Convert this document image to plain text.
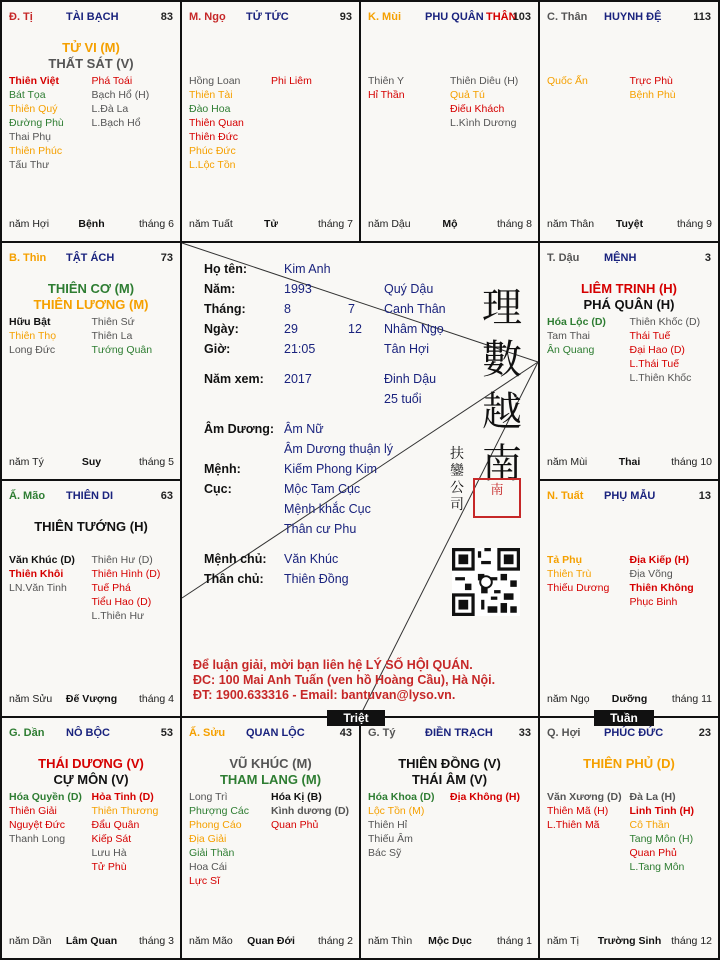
Đ. Tị	TÀI BẠCH	83
TỬ VI (M)
THẤT SÁT (V)
Thiên Việt
Bát Tọa
Thiên Quý
Đường Phù
Thai Phụ
Thiên Phúc
Tấu Thư
Phá Toái
Bạch Hổ (H)
L.Đà La
L.Bạch Hổ
năm Hợi	Bệnh	tháng 6
M. Ngọ TỬ TỨC	93
Hồng Loan
Thiên Tài
Đào Hoa
Thiên Quan
Thiên Đức
Phúc Đức
L.Lộc Tồn
Phi Liêm
năm Tuất	Tử	tháng 7
K. Mùi PHU QUÂN THÂN
103
Thiên Y
Hỉ Thần
Thiên Diêu (H)
Quả Tú
Điếu Khách
L.Kình Dương
năm Dậu	Mộ	tháng 8
C. Thân HUYNH ĐỆ	113
Quốc Ấn	Trực Phù
Bệnh Phù
năm Thân	Tuyệt	tháng 9
B. Thìn TẬT ÁCH	73
THIÊN CƠ (M)
THIÊN LƯƠNG (M)
Hữu Bật
Thiên Thọ
Long Đức
Thiên Sứ
Thiên La
Tướng Quân
năm Tý	Suy	tháng 5
T. Dậu MỆNH	3
LIÊM TRINH (H)
PHÁ QUÂN (H)
Hóa Lộc (D)
Tam Thai
Ân Quang
Thiên Khốc (D)
Thái Tuế
Đại Hao (D)
L.Thái Tuế
L.Thiên Khốc
năm Mùi	Thai	tháng 10
Ấ. Mão THIÊN DI	63
THIÊN TƯỚNG (H)
Văn Khúc (D)
Thiên Khôi
LN.Văn Tinh
Thiên Hư (D)
Thiên Hình (D)
Tuế Phá
Tiểu Hao (D)
L.Thiên Hư
năm Sửu	Đế Vượng	tháng 4
N. Tuất PHỤ MẪU	13
Tả Phụ
Thiên Trù
Thiếu Dương
Địa Kiếp (H)
Địa Võng
Thiên Không
Phục Binh
năm Ngọ	Dưỡng	tháng 11
G. Dần NÔ BỘC	53
THÁI DƯƠNG (V)
CỰ MÔN (V)
Hóa Quyền (D)
Thiên Giải
Nguyệt Đức
Thanh Long
Hỏa Tinh (D)
Thiên Thương
Đẩu Quân
Kiếp Sát
Lưu Hà
Tử Phù
năm Dần	Lâm Quan	tháng 3
Ấ. Sửu QUAN LỘC	43
VŨ KHÚC (M)
THAM LANG (M)
Long Trì
Phượng Các
Phong Cáo
Địa Giải
Giải Thần
Hoa Cái
Lực Sĩ
Hóa Kị (B)
Kình dương (D)
Quan Phủ
năm Mão	Quan Đới	tháng 2
G. Tý	ĐIỀN TRẠCH 33
THIÊN ĐỒNG (V)
THÁI ÂM (V)
Hóa Khoa (D)
Lộc Tồn (M)
Thiên Hỉ
Thiếu Âm
Bác Sỹ
Địa Không (H)
năm Thìn	Mộc Dục	tháng 1
Q. Hợi PHÚC ĐỨC	23
THIÊN PHỦ (D)
Văn Xương (D)
Thiên Mã (H)
L.Thiên Mã
Đà La (H)
Linh Tinh (H)
Cô Thần
Tang Môn (H)
Quan Phủ
L.Tang Môn
năm Tị	Trường Sinh tháng 12
Họ tên:	Kim Anh
Năm:	1993	Quý Dậu
Tháng:	8	7 Canh Thân
Ngày:	29	12 Nhâm Ngọ
Giờ:	21:05	Tân Hợi
Năm xem: 2017	Đinh Dậu
25 tuổi
Âm Dương: Âm Nữ
Âm Dương thuận lý
Mệnh:	Kiếm Phong Kim
Cục:	Mộc Tam Cục
Mệnh khắc Cục
Thân cư Phu
Mệnh chủ: Văn Khúc
Thân chủ: Thiên Đồng
理數越南
扶鑾公司
南
Để luận giải, mời bạn liên hệ LÝ SỐ HỘI QUÁN.
ĐC: 100 Mai Anh Tuấn (ven hồ Hoàng Cầu), Hà Nội.
ĐT: 1900.633316 - Email: bantuvan@lyso.vn.
Triệt	Tuần
